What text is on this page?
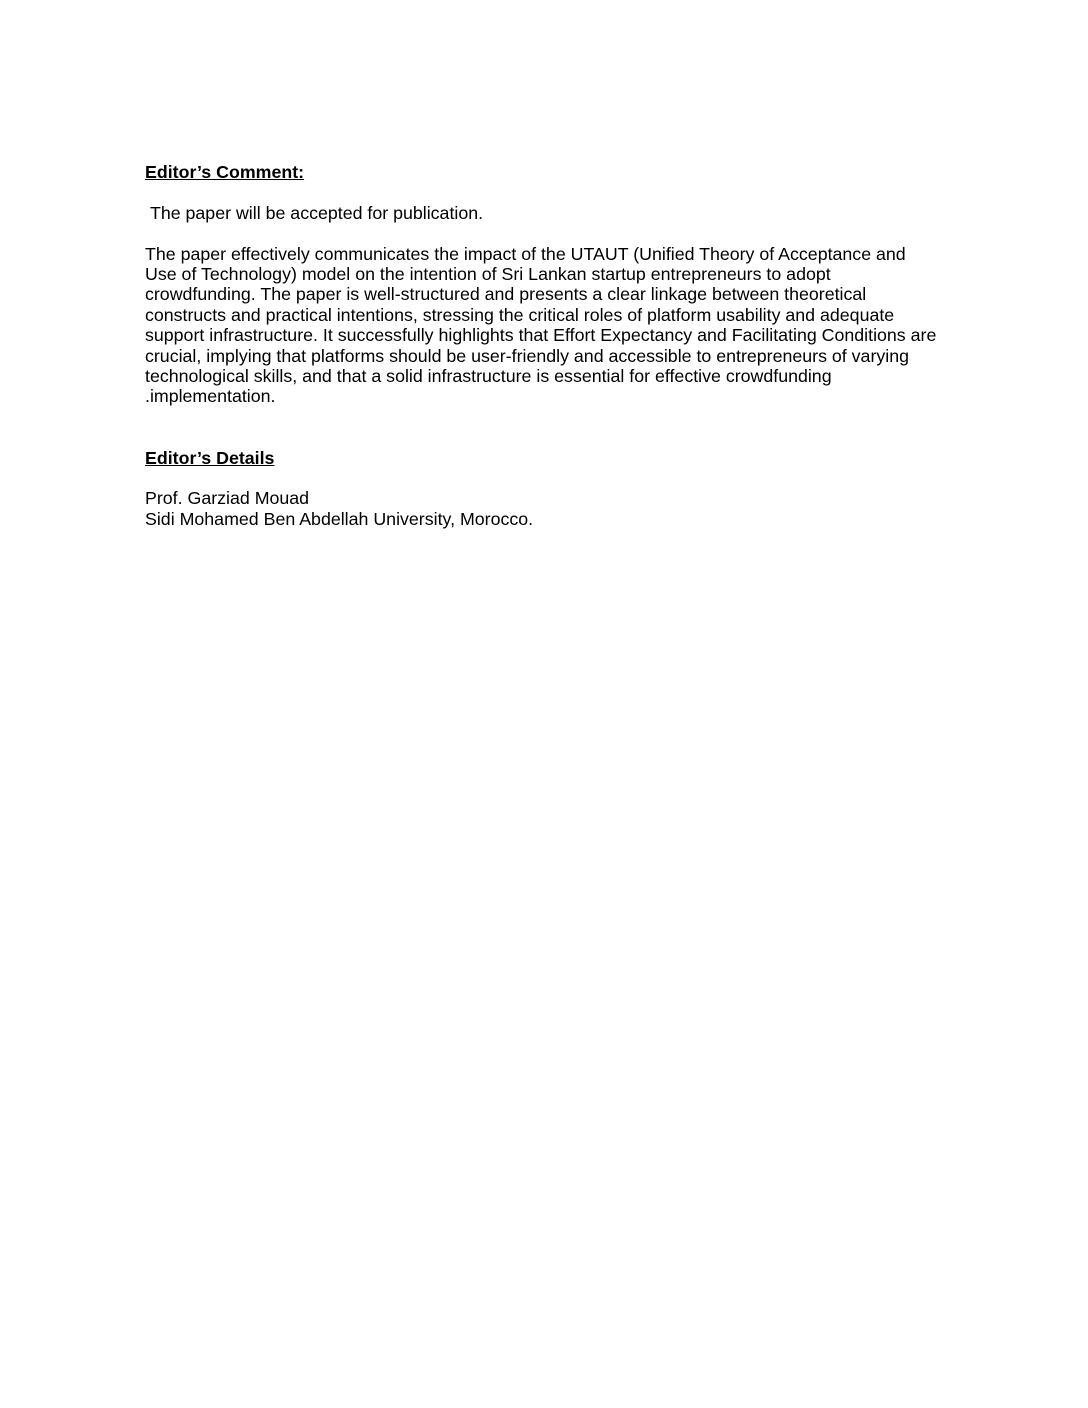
Editor’s Comment:

The paper will be accepted for publication.

The paper effectively communicates the impact of the UTAUT (Unified Theory of Acceptance and Use of Technology) model on the intention of Sri Lankan startup entrepreneurs to adopt crowdfunding. The paper is well-structured and presents a clear linkage between theoretical constructs and practical intentions, stressing the critical roles of platform usability and adequate support infrastructure. It successfully highlights that Effort Expectancy and Facilitating Conditions are crucial, implying that platforms should be user-friendly and accessible to entrepreneurs of varying technological skills, and that a solid infrastructure is essential for effective crowdfunding .implementation.

Editor’s Details

Prof. Garziad Mouad

Sidi Mohamed Ben Abdellah University, Morocco.
